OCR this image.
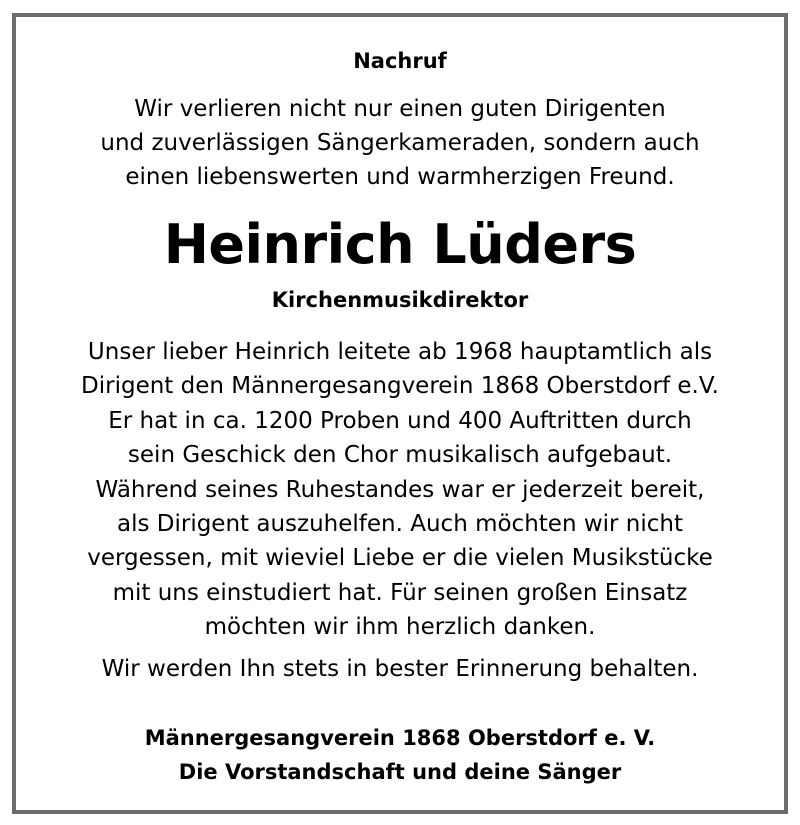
Nachruf
Wir verlieren nicht nur einen guten Dirigenten
und zuverlässigen Sängerkameraden, sondern auch
einen liebenswerten und warmherzigen Freund.
Heinrich Lüders
Kirchenmusikdirektor
Unser lieber Heinrich leitete ab 1968 hauptamtlich als
Dirigent den Männergesangverein 1868 Oberstdorf e.V.
Er hat in ca. 1200 Proben und 400 Auftritten durch
sein Geschick den Chor musikalisch aufgebaut.
Während seines Ruhestandes war er jederzeit bereit,
als Dirigent auszuhelfen. Auch möchten wir nicht
vergessen, mit wieviel Liebe er die vielen Musikstücke
mit uns einstudiert hat. Für seinen großen Einsatz
möchten wir ihm herzlich danken.
Wir werden Ihn stets in bester Erinnerung behalten.
Männergesangverein 1868 Oberstdorf e. V.
Die Vorstandschaft und deine Sänger
